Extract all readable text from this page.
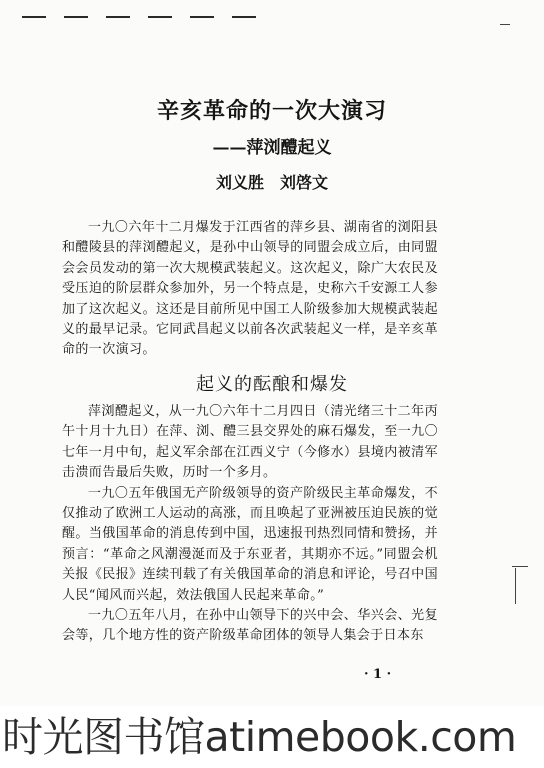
辛亥革命的一次大演习
——萍浏醴起义
刘义胜　刘啓文

一九〇六年十二月爆发于江西省的萍乡县、湖南省的浏阳县和醴陵县的萍浏醴起义，是孙中山领导的同盟会成立后，由同盟会会员发动的第一次大规模武装起义。这次起义，除广大农民及受压迫的阶层群众参加外，另一个特点是，史称六千安源工人参加了这次起义。这还是目前所见中国工人阶级参加大规模武装起义的最早记录。它同武昌起义以前各次武装起义一样，是辛亥革命的一次演习。

起义的酝酿和爆发

萍浏醴起义，从一九〇六年十二月四日（清光绪三十二年丙午十月十九日）在萍、浏、醴三县交界处的麻石爆发，至一九〇七年一月中旬，起义军余部在江西义宁（今修水）县境内被清军击溃而告最后失败，历时一个多月。

一九〇五年俄国无产阶级领导的资产阶级民主革命爆发，不仅推动了欧洲工人运动的高涨，而且唤起了亚洲被压迫民族的觉醒。当俄国革命的消息传到中国，迅速报刊热烈同情和赞扬，并预言：“革命之风潮漫涎而及于东亚者，其期亦不远。”同盟会机关报《民报》连续刊载了有关俄国革命的消息和评论，号召中国人民“闻风而兴起，效法俄国人民起来革命。”

一九〇五年八月，在孙中山领导下的兴中会、华兴会、光复会等，几个地方性的资产阶级革命团体的领导人集会于日本东

· 1 ·
时光图书馆atimebook.com
